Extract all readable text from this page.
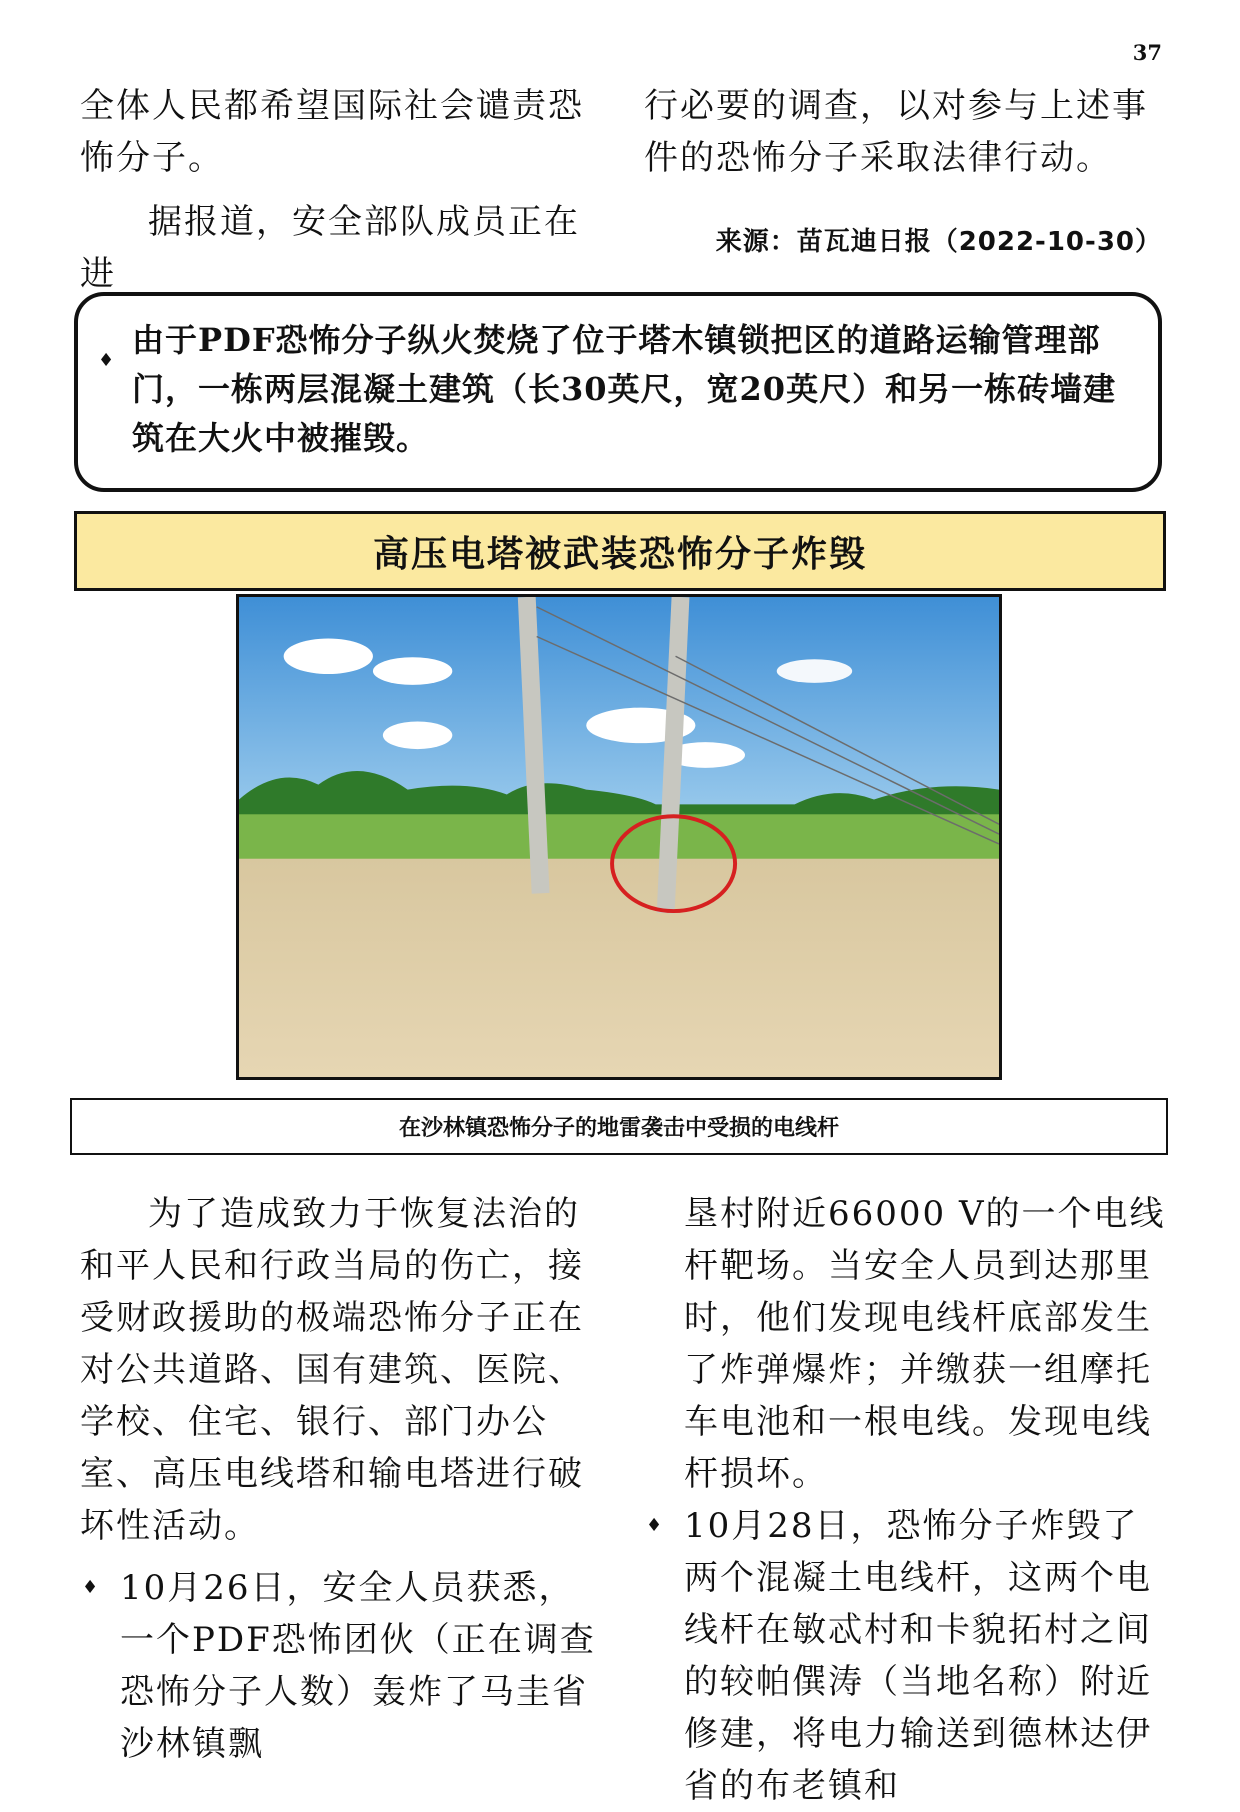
37

全体人民都希望国际社会谴责恐怖分子。

据报道，安全部队成员正在进

行必要的调查，以对参与上述事件的恐怖分子采取法律行动。

来源：苗瓦迪日报（2022-10-30）
♦
由于PDF恐怖分子纵火焚烧了位于塔木镇锁把区的道路运输管理部门，一栋两层混凝土建筑（长30英尺，宽20英尺）和另一栋砖墙建筑在大火中被摧毁。
高压电塔被武装恐怖分子炸毁
在沙林镇恐怖分子的地雷袭击中受损的电线杆

为了造成致力于恢复法治的和平人民和行政当局的伤亡，接受财政援助的极端恐怖分子正在对公共道路、国有建筑、医院、学校、住宅、银行、部门办公室、高压电线塔和输电塔进行破坏性活动。

♦ 10月26日，安全人员获悉，一个PDF恐怖团伙（正在调查恐怖分子人数）轰炸了马圭省沙林镇飘

垦村附近66000 V的一个电线杆靶场。当安全人员到达那里时，他们发现电线杆底部发生了炸弹爆炸；并缴获一组摩托车电池和一根电线。发现电线杆损坏。

♦ 10月28日，恐怖分子炸毁了两个混凝土电线杆，这两个电线杆在敏忒村和卡貌拓村之间的较帕僎涛（当地名称）附近修建，将电力输送到德林达伊省的布老镇和
